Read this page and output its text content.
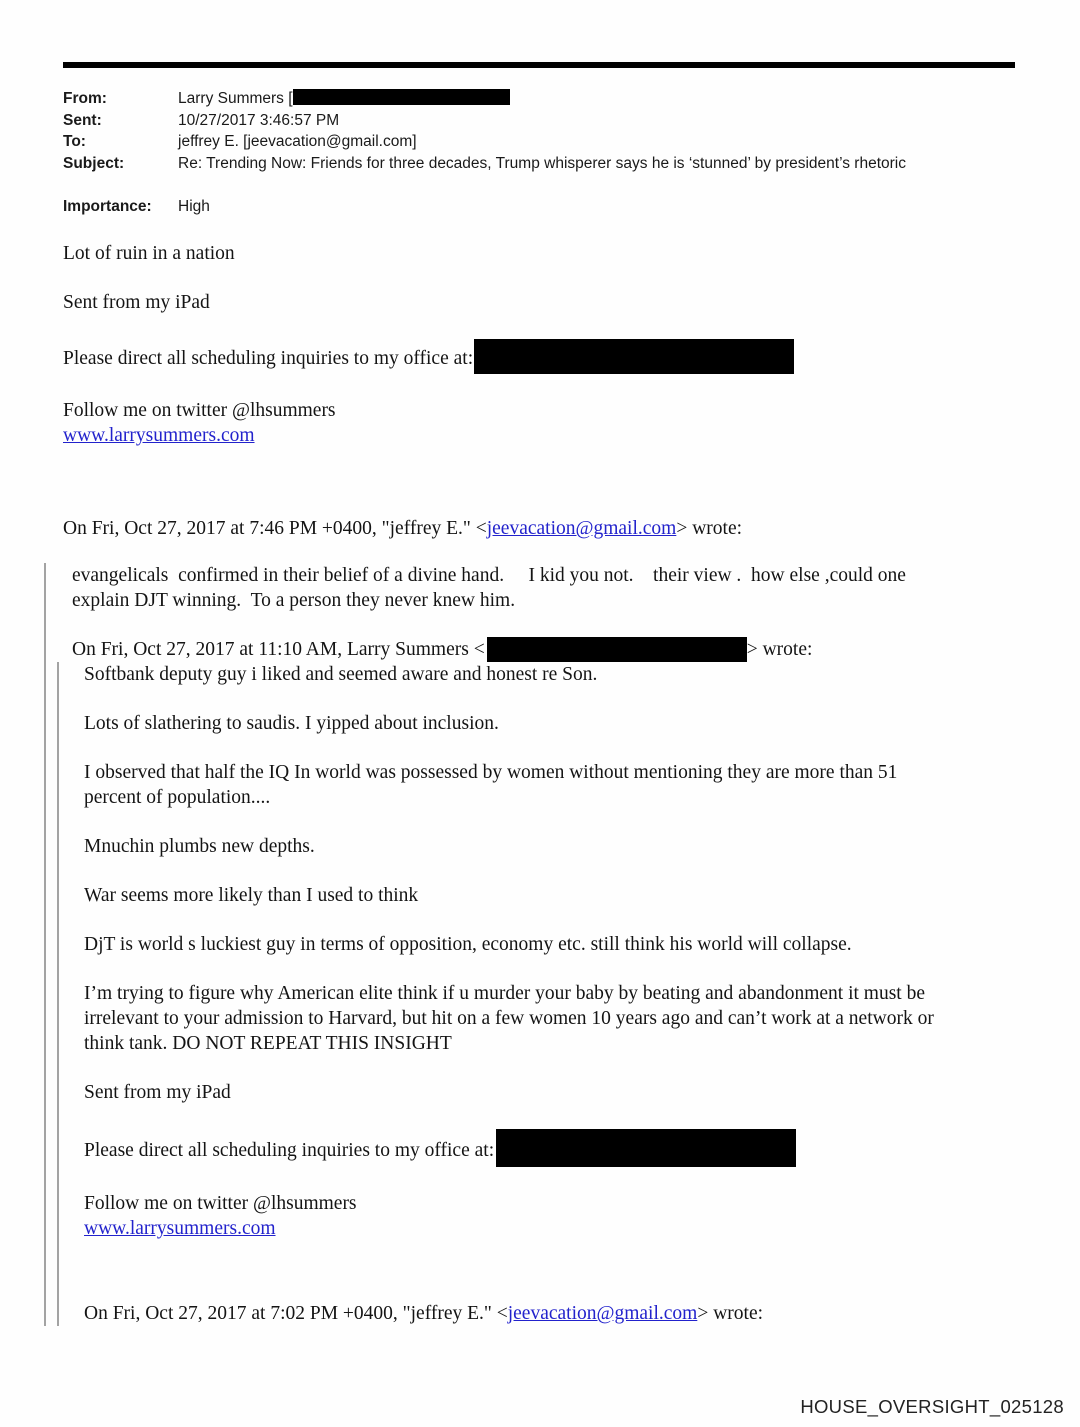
From:	Larry Summers [
Sent:	10/27/2017 3:46:57 PM
To:	jeffrey E. [jeevacation@gmail.com]
Subject:	Re: Trending Now: Friends for three decades, Trump whisperer says he is ‘stunned’ by president’s rhetoric
Importance:	High

Lot of ruin in a nation

Sent from my iPad

Please direct all scheduling inquiries to my office at:

Follow me on twitter @lhsummers

www.larrysummers.com

On Fri, Oct 27, 2017 at 7:46 PM +0400, "jeffrey E." <jeevacation@gmail.com> wrote:

evangelicals  confirmed in their belief of a divine hand.     I kid you not.    their view .  how else ,could one
explain DJT winning.  To a person they never knew him.

On Fri, Oct 27, 2017 at 11:10 AM, Larry Summers <	> wrote:

Softbank deputy guy i liked and seemed aware and honest re Son.

Lots of slathering to saudis. I yipped about inclusion.

I observed that half the IQ In world was possessed by women without mentioning they are more than 51
percent of population....

Mnuchin plumbs new depths.

War seems more likely than I used to think

DjT is world s luckiest guy in terms of opposition, economy etc. still think his world will collapse.

I’m trying to figure why American elite think if u murder your baby by beating and abandonment it must be
irrelevant to your admission to Harvard, but hit on a few women 10 years ago and can’t work at a network or
think tank. DO NOT REPEAT THIS INSIGHT

Sent from my iPad

Please direct all scheduling inquiries to my office at:

Follow me on twitter @lhsummers

www.larrysummers.com

On Fri, Oct 27, 2017 at 7:02 PM +0400, "jeffrey E." <jeevacation@gmail.com> wrote:

HOUSE_OVERSIGHT_025128
